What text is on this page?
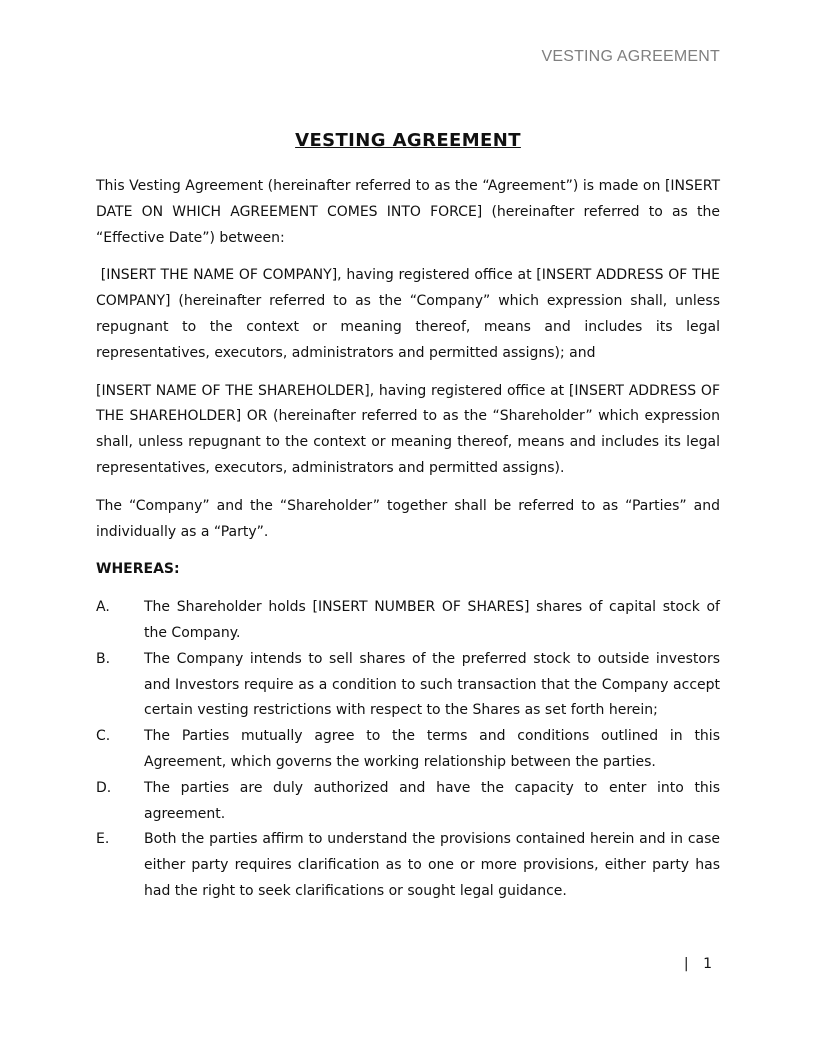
VESTING AGREEMENT
VESTING AGREEMENT

This Vesting Agreement (hereinafter referred to as the “Agreement”) is made on [INSERT DATE ON WHICH AGREEMENT COMES INTO FORCE] (hereinafter referred to as the “Effective Date”) between:

[INSERT THE NAME OF COMPANY], having registered office at [INSERT ADDRESS OF THE COMPANY] (hereinafter referred to as the “Company” which expression shall, unless repugnant to the context or meaning thereof, means and includes its legal representatives, executors, administrators and permitted assigns); and

[INSERT NAME OF THE SHAREHOLDER], having registered office at [INSERT ADDRESS OF THE SHAREHOLDER] OR (hereinafter referred to as the “Shareholder” which expression shall, unless repugnant to the context or meaning thereof, means and includes its legal representatives, executors, administrators and permitted assigns).

The “Company” and the “Shareholder” together shall be referred to as “Parties” and individually as a “Party”.

WHEREAS:
A.	The Shareholder holds [INSERT NUMBER OF SHARES] shares of capital stock of the Company.
B.	The Company intends to sell shares of the preferred stock to outside investors and Investors require as a condition to such transaction that the Company accept certain vesting restrictions with respect to the Shares as set forth herein;
C.	The Parties mutually agree to the terms and conditions outlined in this Agreement, which governs the working relationship between the parties.
D.	The parties are duly authorized and have the capacity to enter into this agreement.
E.	Both the parties affirm to understand the provisions contained herein and in case either party requires clarification as to one or more provisions, either party has had the right to seek clarifications or sought legal guidance.
| 1
